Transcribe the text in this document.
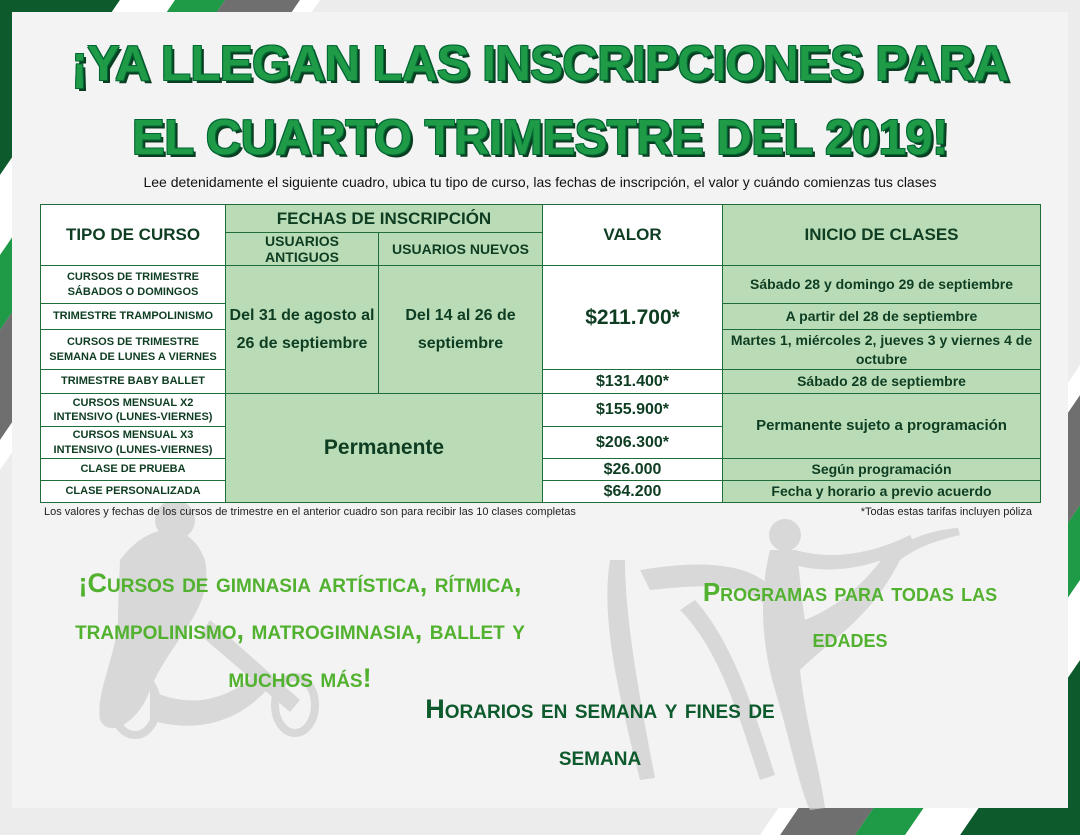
¡YA LLEGAN LAS INSCRIPCIONES PARA
EL CUARTO TRIMESTRE DEL 2019!
Lee detenidamente el siguiente cuadro, ubica tu tipo de curso, las fechas de inscripción, el valor y cuándo comienzas tus clases
TIPO DE CURSO	FECHAS DE INSCRIPCIÓN		VALOR	INICIO DE CLASES
	USUARIOS ANTIGUOS	USUARIOS NUEVOS		
CURSOS DE TRIMESTRE SÁBADOS O DOMINGOS	Del 31 de agosto al 26 de septiembre	Del 14 al 26 de septiembre	$211.700*	Sábado 28 y domingo 29 de septiembre
TRIMESTRE TRAMPOLINISMO				A partir del 28 de septiembre
CURSOS DE TRIMESTRE SEMANA DE LUNES A VIERNES				Martes 1, miércoles 2, jueves 3 y viernes 4 de octubre
TRIMESTRE BABY BALLET			$131.400*	Sábado 28 de septiembre
CURSOS MENSUAL X2 INTENSIVO (LUNES-VIERNES)	Permanente		$155.900*	Permanente sujeto a programación
CURSOS MENSUAL X3 INTENSIVO (LUNES-VIERNES)			$206.300*	
CLASE DE PRUEBA			$26.000	Según programación
CLASE PERSONALIZADA			$64.200	Fecha y horario a previo acuerdo
Los valores y fechas de los cursos de trimestre en el anterior cuadro son para recibir las 10 clases completas	*Todas estas tarifas incluyen póliza
¡Cursos de gimnasia artística, rítmica, trampolinismo, matrogimnasia, ballet y muchos más!
Programas para todas las edades
Horarios en semana y fines de semana
